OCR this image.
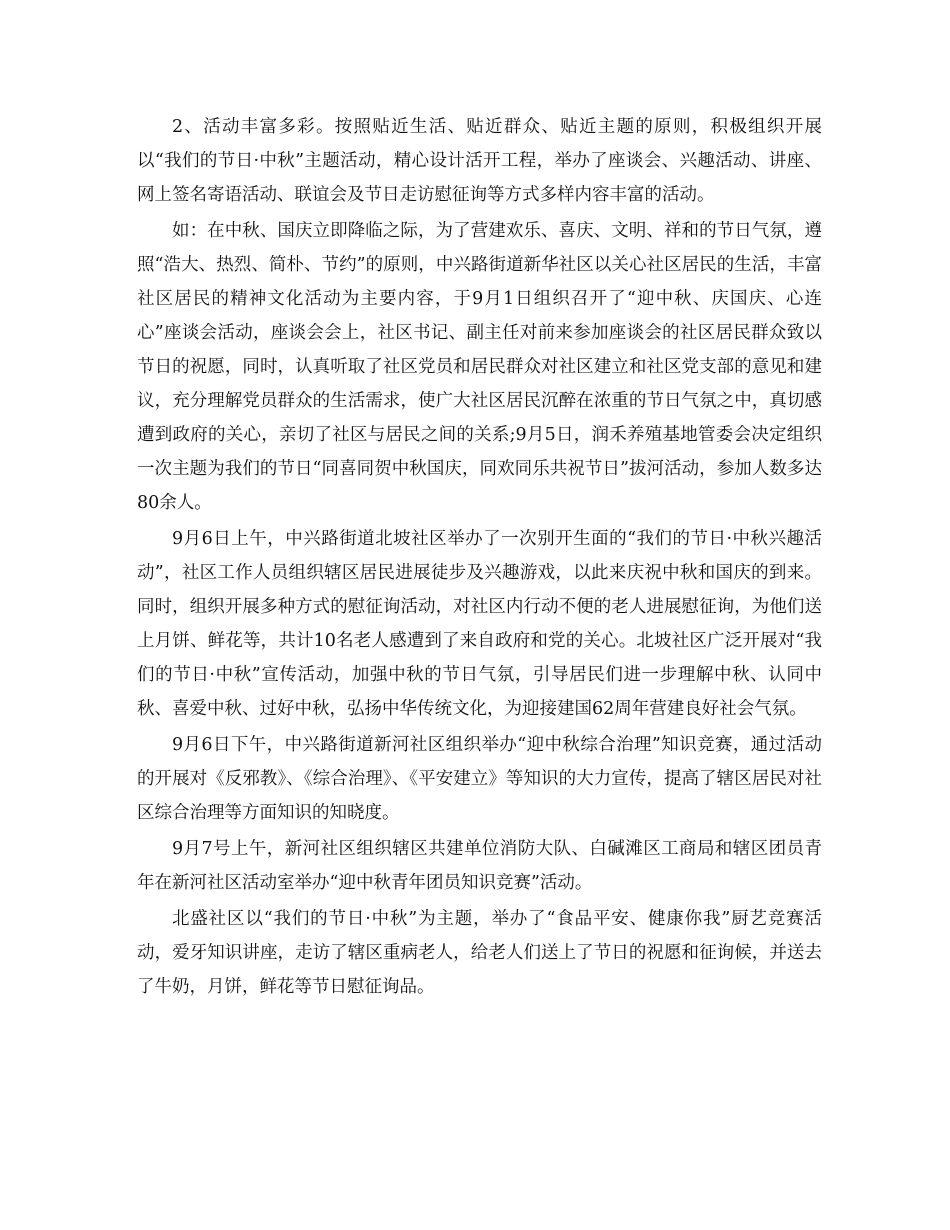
2、活动丰富多彩。按照贴近生活、贴近群众、贴近主题的原则，积极组织开展以“我们的节日·中秋”主题活动，精心设计活开工程，举办了座谈会、兴趣活动、讲座、网上签名寄语活动、联谊会及节日走访慰征询等方式多样内容丰富的活动。

如：在中秋、国庆立即降临之际，为了营建欢乐、喜庆、文明、祥和的节日气氛，遵照“浩大、热烈、简朴、节约”的原则，中兴路街道新华社区以关心社区居民的生活，丰富社区居民的精神文化活动为主要内容，于9月1日组织召开了“迎中秋、庆国庆、心连心”座谈会活动，座谈会会上，社区书记、副主任对前来参加座谈会的社区居民群众致以节日的祝愿，同时，认真听取了社区党员和居民群众对社区建立和社区党支部的意见和建议，充分理解党员群众的生活需求，使广大社区居民沉醉在浓重的节日气氛之中，真切感遭到政府的关心，亲切了社区与居民之间的关系;9月5日，润禾养殖基地管委会决定组织一次主题为我们的节日“同喜同贺中秋国庆，同欢同乐共祝节日”拔河活动，参加人数多达80余人。

9月6日上午，中兴路街道北坡社区举办了一次别开生面的“我们的节日·中秋兴趣活动”，社区工作人员组织辖区居民进展徒步及兴趣游戏，以此来庆祝中秋和国庆的到来。同时，组织开展多种方式的慰征询活动，对社区内行动不便的老人进展慰征询，为他们送上月饼、鲜花等，共计10名老人感遭到了来自政府和党的关心。北坡社区广泛开展对“我们的节日·中秋”宣传活动，加强中秋的节日气氛，引导居民们进一步理解中秋、认同中秋、喜爱中秋、过好中秋，弘扬中华传统文化，为迎接建国62周年营建良好社会气氛。

9月6日下午，中兴路街道新河社区组织举办“迎中秋综合治理”知识竞赛，通过活动的开展对《反邪教》、《综合治理》、《平安建立》等知识的大力宣传，提高了辖区居民对社区综合治理等方面知识的知晓度。

9月7号上午，新河社区组织辖区共建单位消防大队、白碱滩区工商局和辖区团员青年在新河社区活动室举办“迎中秋青年团员知识竞赛”活动。

北盛社区以“我们的节日·中秋”为主题，举办了“食品平安、健康你我”厨艺竞赛活动，爱牙知识讲座，走访了辖区重病老人，给老人们送上了节日的祝愿和征询候，并送去了牛奶，月饼，鲜花等节日慰征询品。
